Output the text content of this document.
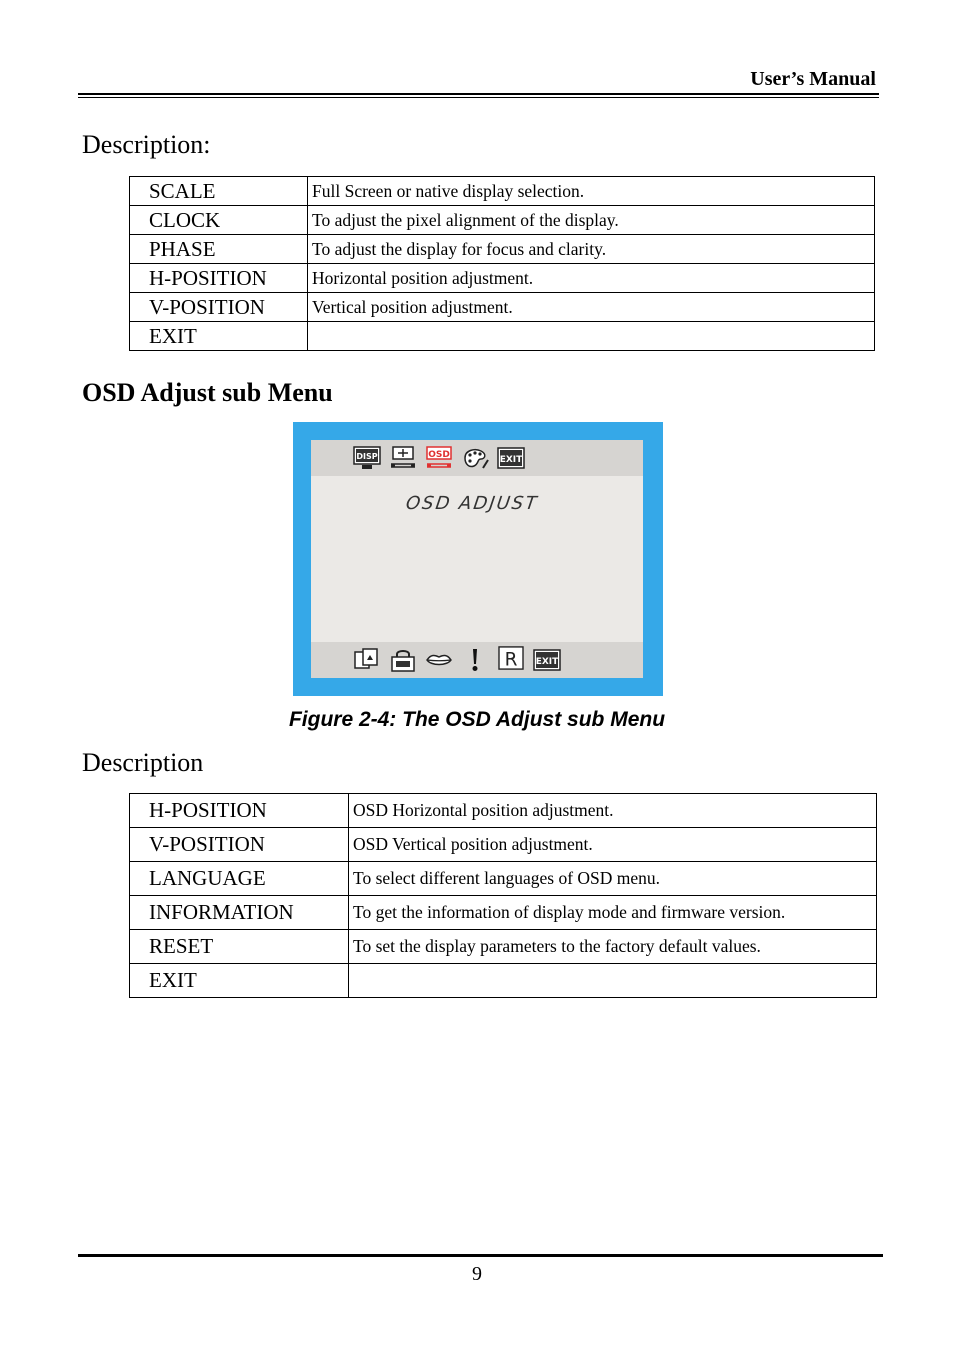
User’s Manual
Description:
SCALE	Full Screen or native display selection.
CLOCK	To adjust the pixel alignment of the display.
PHASE	To adjust the display for focus and clarity.
H-POSITION	Horizontal position adjustment.
V-POSITION	Vertical position adjustment.
EXIT	
OSD Adjust sub Menu
DISP	OSD	EXIT
OSD ADJUST
R EXIT
Figure 2-4: The OSD Adjust sub Menu
Description
H-POSITION	OSD Horizontal position adjustment.
V-POSITION	OSD Vertical position adjustment.
LANGUAGE	To select different languages of OSD menu.
INFORMATION	To get the information of display mode and firmware version.
RESET	To set the display parameters to the factory default values.
EXIT	
9
